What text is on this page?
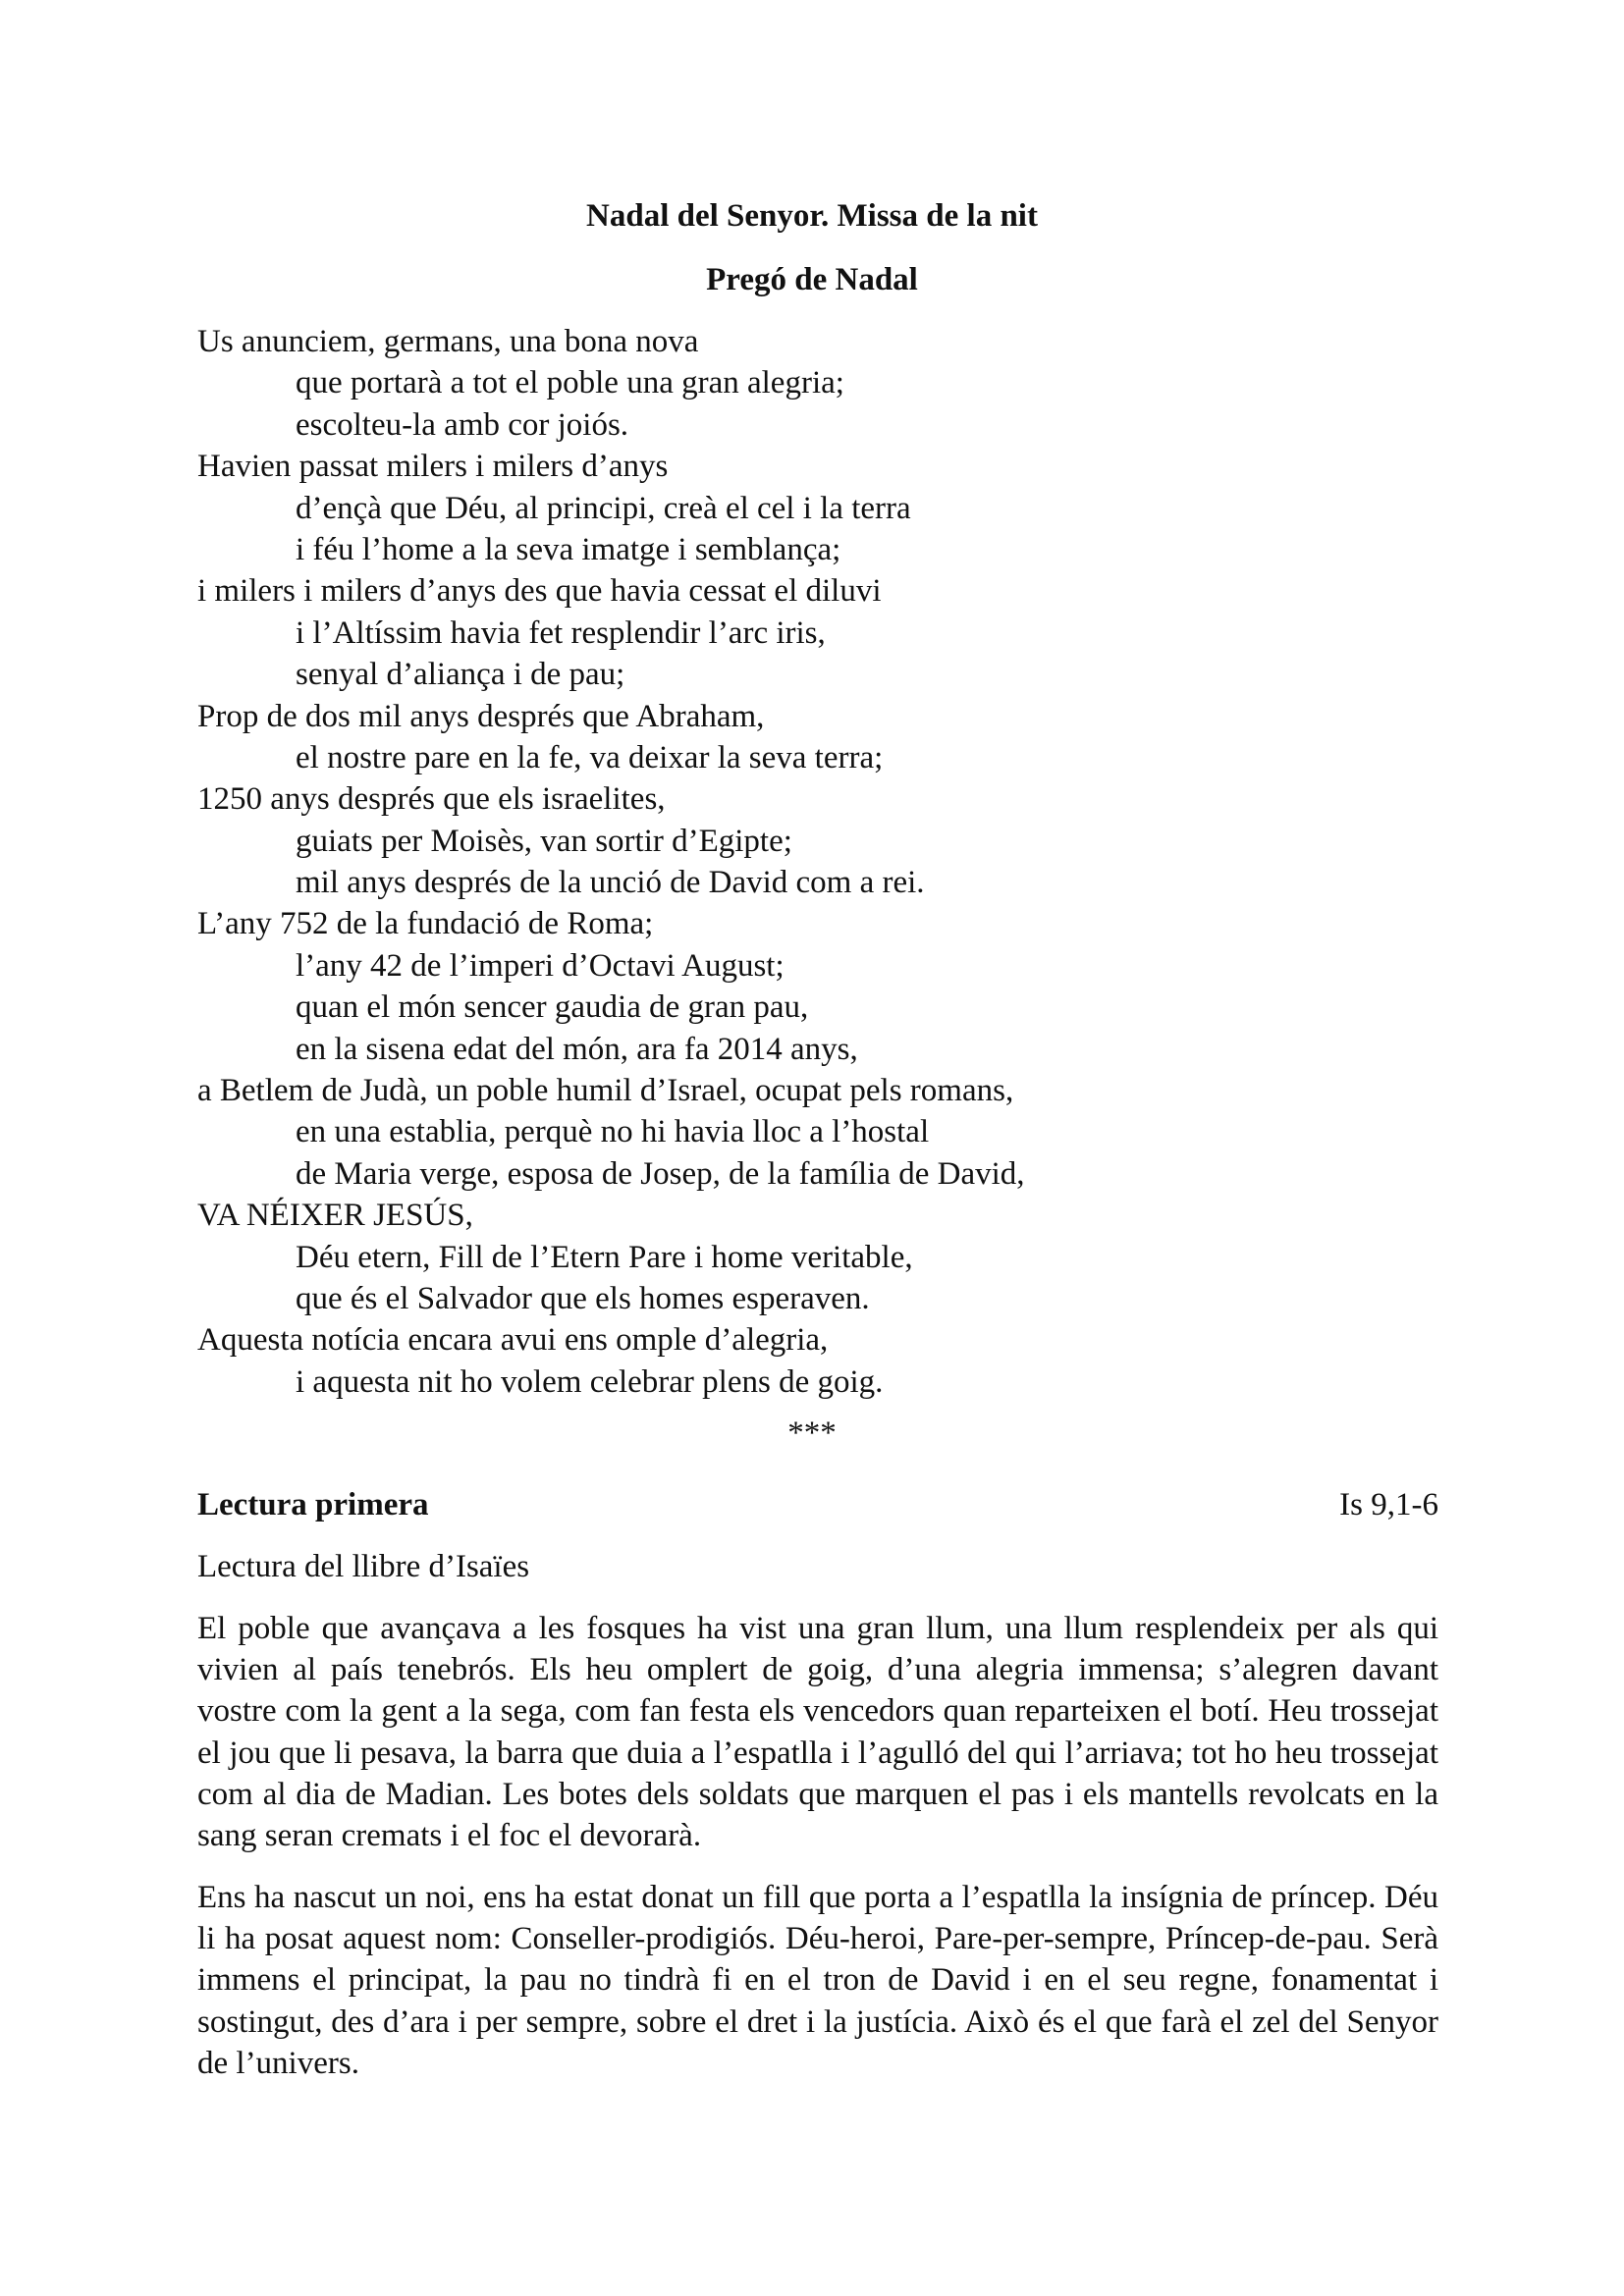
Nadal del Senyor. Missa de la nit
Pregó de Nadal
Us anunciem, germans, una bona nova
que portarà a tot el poble una gran alegria;
escolteu-la amb cor joiós.
Havien passat milers i milers d’anys
d’ençà que Déu, al principi, creà el cel i la terra
i féu l’home a la seva imatge i semblança;
i milers i milers d’anys des que havia cessat el diluvi
i l’Altíssim havia fet resplendir l’arc iris,
senyal d’aliança i de pau;
Prop de dos mil anys després que Abraham,
el nostre pare en la fe, va deixar la seva terra;
1250 anys després que els israelites,
guiats per Moisès, van sortir d’Egipte;
mil anys després de la unció de David com a rei.
L’any 752 de la fundació de Roma;
l’any 42 de l’imperi d’Octavi August;
quan el món sencer gaudia de gran pau,
en la sisena edat del món, ara fa 2014 anys,
a Betlem de Judà, un poble humil d’Israel, ocupat pels romans,
en una establia, perquè no hi havia lloc a l’hostal
de Maria verge, esposa de Josep, de la família de David,
VA NÉIXER JESÚS,
Déu etern, Fill de l’Etern Pare i home veritable,
que és el Salvador que els homes esperaven.
Aquesta notícia encara avui ens omple d’alegria,
i aquesta nit ho volem celebrar plens de goig.
***
Lectura primera	Is 9,1-6
Lectura del llibre d’Isaïes

El poble que avançava a les fosques ha vist una gran llum, una llum resplendeix per als qui vivien al país tenebrós. Els heu omplert de goig, d’una alegria immensa; s’alegren davant vostre com la gent a la sega, com fan festa els vencedors quan reparteixen el botí. Heu trossejat el jou que li pesava, la barra que duia a l’espatlla i l’agulló del qui l’arriava; tot ho heu trossejat com al dia de Madian. Les botes dels soldats que marquen el pas i els mantells revolcats en la sang seran cremats i el foc el devorarà.

Ens ha nascut un noi, ens ha estat donat un fill que porta a l’espatlla la insígnia de príncep. Déu li ha posat aquest nom: Conseller-prodigiós. Déu-heroi, Pare-per-sempre, Príncep-de-pau. Serà immens el principat, la pau no tindrà fi en el tron de David i en el seu regne, fonamentat i sostingut, des d’ara i per sempre, sobre el dret i la justícia. Això és el que farà el zel del Senyor de l’univers.
